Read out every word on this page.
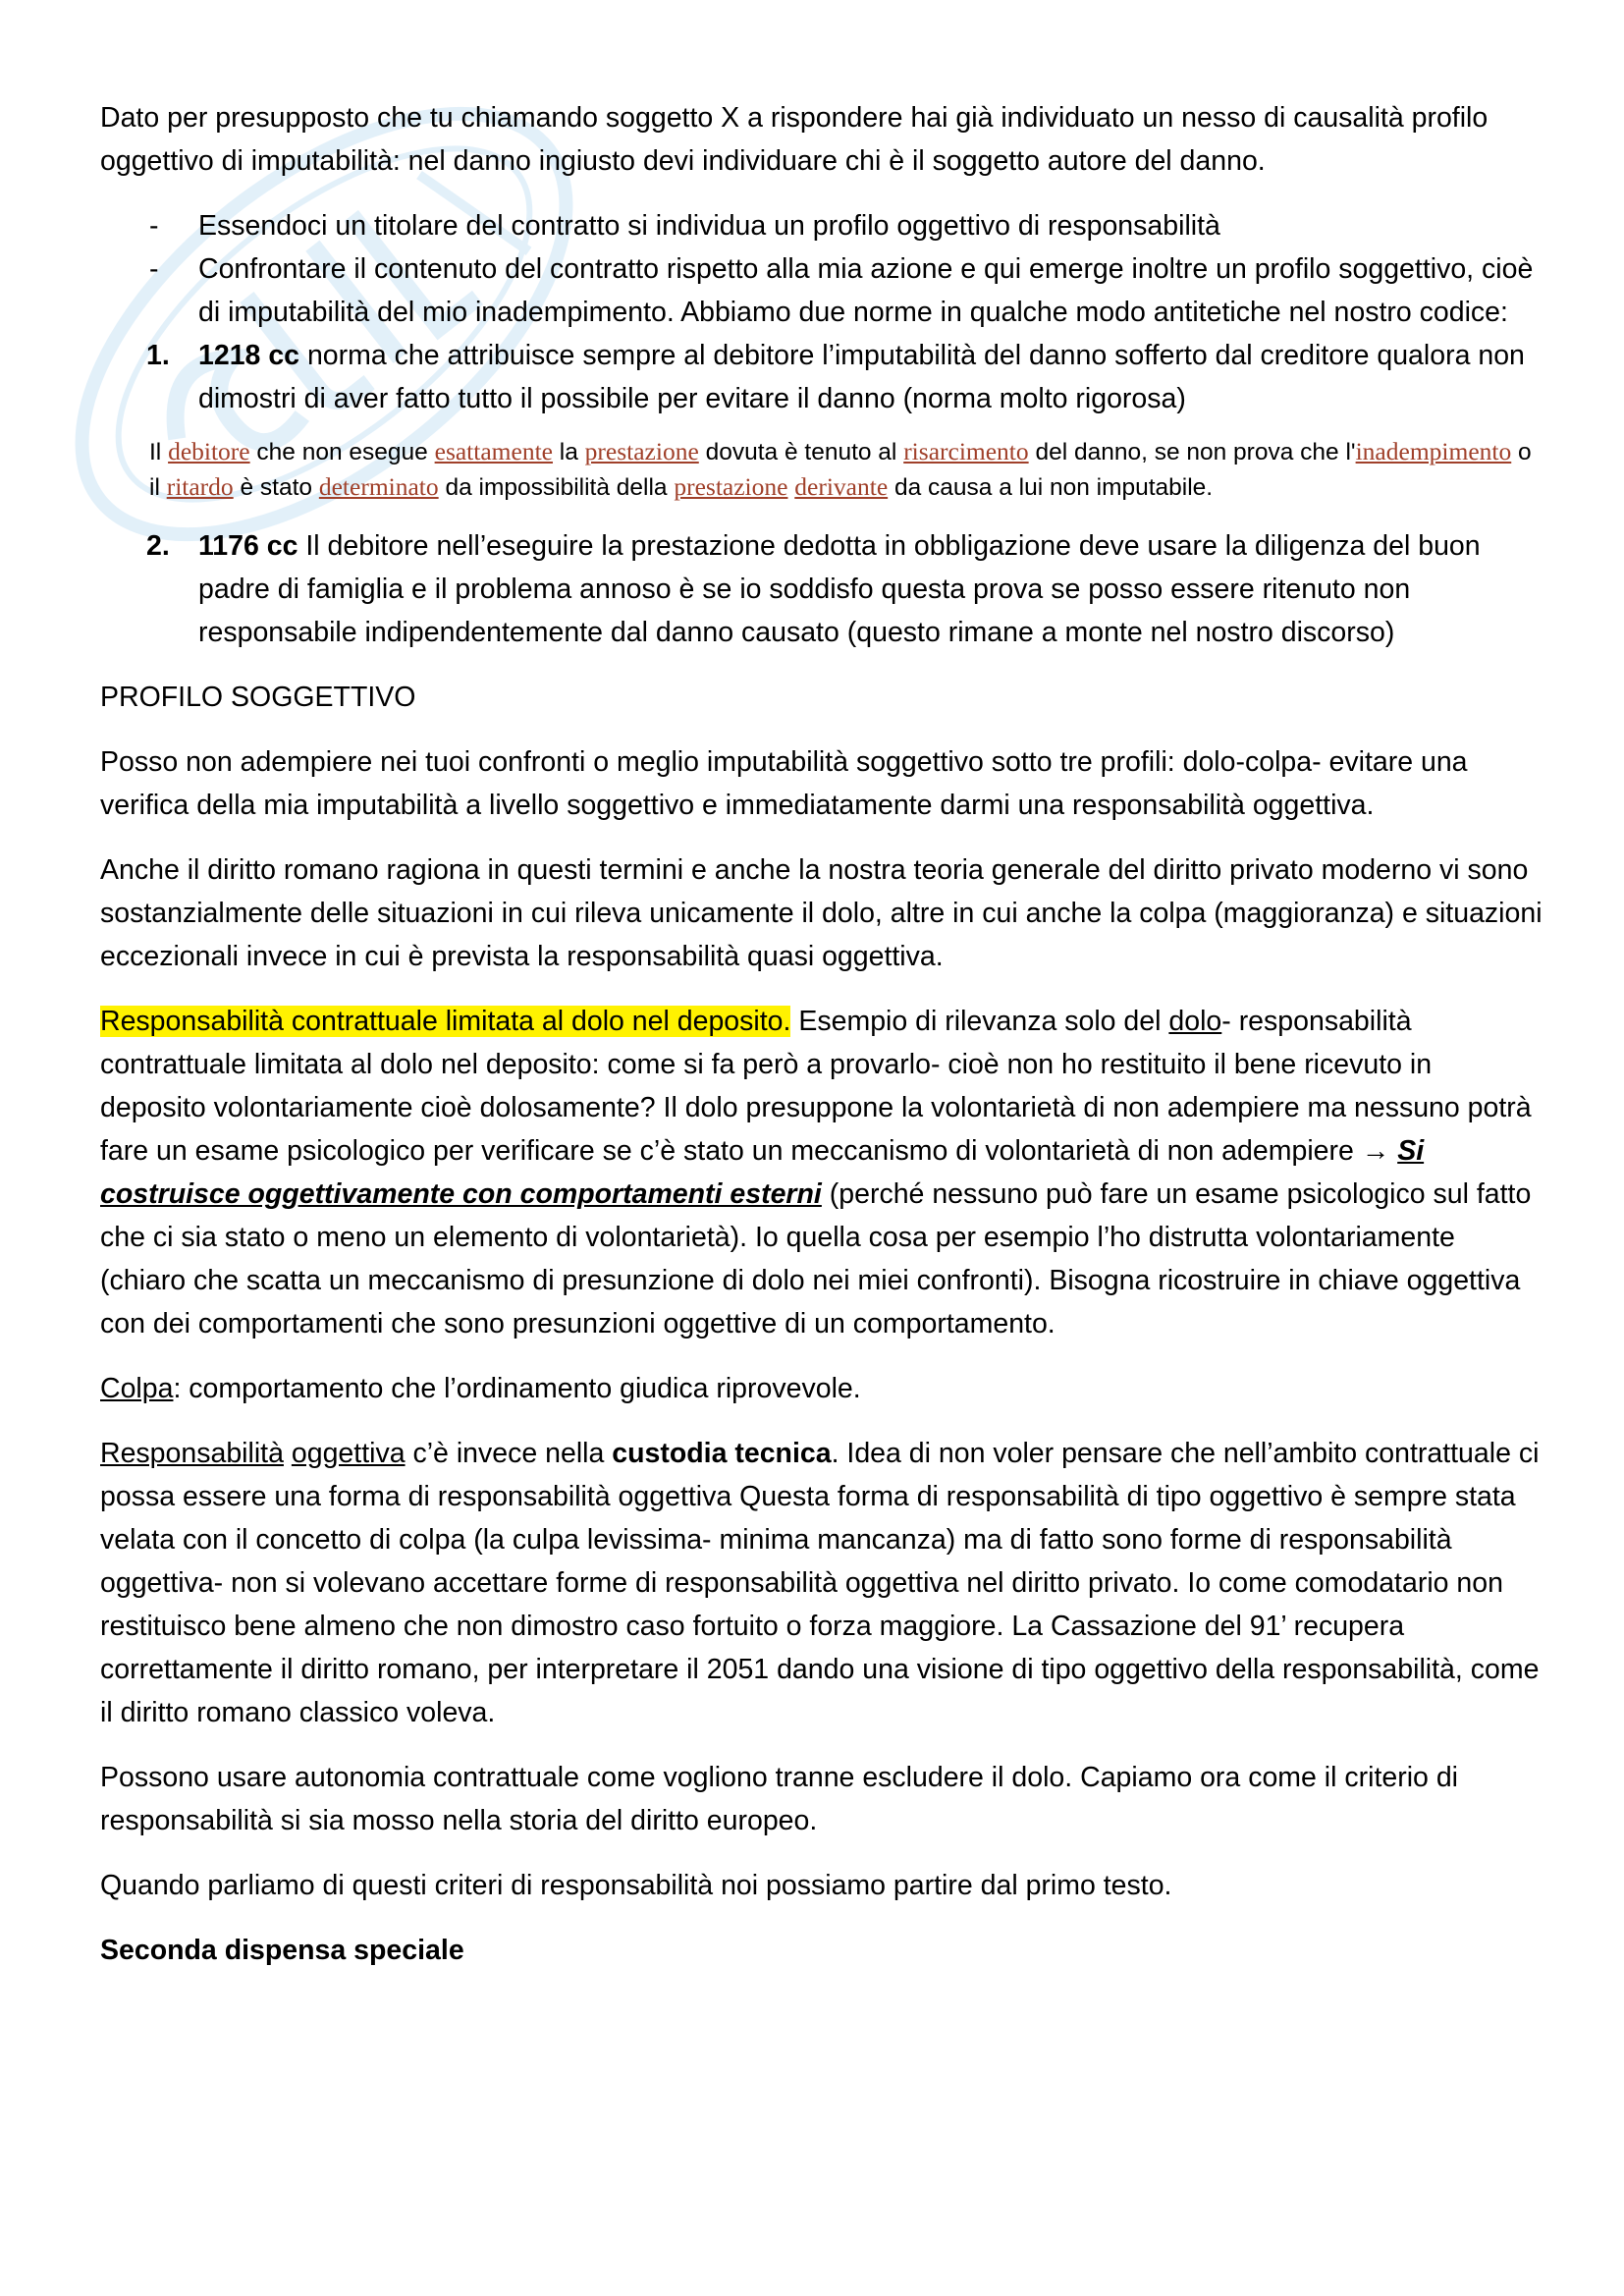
Dato per presupposto che tu chiamando soggetto X a rispondere hai già individuato un nesso di causalità profilo oggettivo di imputabilità: nel danno ingiusto devi individuare chi è il soggetto autore del danno.

- Essendoci un titolare del contratto si individua un profilo oggettivo di responsabilità
- Confrontare il contenuto del contratto rispetto alla mia azione e qui emerge inoltre un profilo soggettivo, cioè di imputabilità del mio inadempimento. Abbiamo due norme in qualche modo antitetiche nel nostro codice:
1. 1218 cc norma che attribuisce sempre al debitore l’imputabilità del danno sofferto dal creditore qualora non dimostri di aver fatto tutto il possibile per evitare il danno (norma molto rigorosa)
Il debitore che non esegue esattamente la prestazione dovuta è tenuto al risarcimento del danno, se non prova che l'inadempimento o il ritardo è stato determinato da impossibilità della prestazione derivante da causa a lui non imputabile.
2. 1176 cc Il debitore nell’eseguire la prestazione dedotta in obbligazione deve usare la diligenza del buon padre di famiglia e il problema annoso è se io soddisfo questa prova se posso essere ritenuto non responsabile indipendentemente dal danno causato (questo rimane a monte nel nostro discorso)

PROFILO SOGGETTIVO

Posso non adempiere nei tuoi confronti o meglio imputabilità soggettivo sotto tre profili: dolo-colpa- evitare una verifica della mia imputabilità a livello soggettivo e immediatamente darmi una responsabilità oggettiva.

Anche il diritto romano ragiona in questi termini e anche la nostra teoria generale del diritto privato moderno vi sono sostanzialmente delle situazioni in cui rileva unicamente il dolo, altre in cui anche la colpa (maggioranza) e situazioni eccezionali invece in cui è prevista la responsabilità quasi oggettiva.

Responsabilità contrattuale limitata al dolo nel deposito. Esempio di rilevanza solo del dolo- responsabilità contrattuale limitata al dolo nel deposito: come si fa però a provarlo- cioè non ho restituito il bene ricevuto in deposito volontariamente cioè dolosamente? Il dolo presuppone la volontarietà di non adempiere ma nessuno potrà fare un esame psicologico per verificare se c’è stato un meccanismo di volontarietà di non adempiere → Si costruisce oggettivamente con comportamenti esterni (perché nessuno può fare un esame psicologico sul fatto che ci sia stato o meno un elemento di volontarietà). Io quella cosa per esempio l’ho distrutta volontariamente (chiaro che scatta un meccanismo di presunzione di dolo nei miei confronti). Bisogna ricostruire in chiave oggettiva con dei comportamenti che sono presunzioni oggettive di un comportamento.

Colpa: comportamento che l’ordinamento giudica riprovevole.

Responsabilità oggettiva c’è invece nella custodia tecnica. Idea di non voler pensare che nell’ambito contrattuale ci possa essere una forma di responsabilità oggettiva Questa forma di responsabilità di tipo oggettivo è sempre stata velata con il concetto di colpa (la culpa levissima- minima mancanza) ma di fatto sono forme di responsabilità oggettiva- non si volevano accettare forme di responsabilità oggettiva nel diritto privato. Io come comodatario non restituisco bene almeno che non dimostro caso fortuito o forza maggiore. La Cassazione del 91’ recupera correttamente il diritto romano, per interpretare il 2051 dando una visione di tipo oggettivo della responsabilità, come il diritto romano classico voleva.

Possono usare autonomia contrattuale come vogliono tranne escludere il dolo. Capiamo ora come il criterio di responsabilità si sia mosso nella storia del diritto europeo.

Quando parliamo di questi criteri di responsabilità noi possiamo partire dal primo testo.

Seconda dispensa speciale
